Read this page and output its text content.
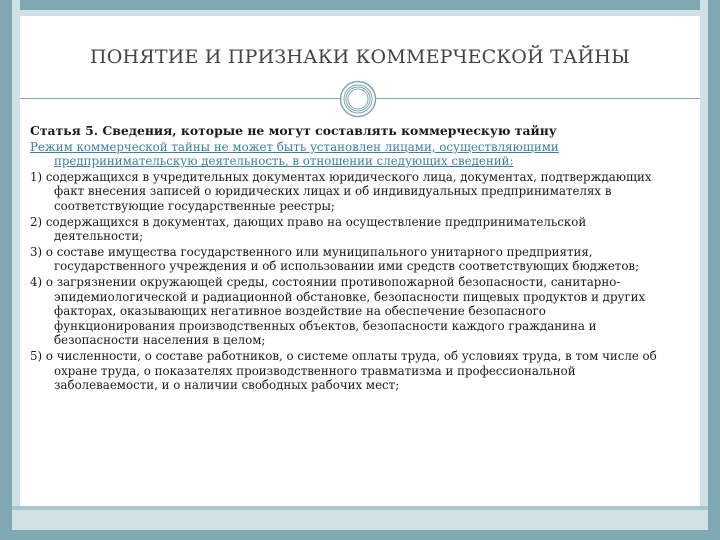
ПОНЯТИЕ И ПРИЗНАКИ КОММЕРЧЕСКОЙ ТАЙНЫ

Статья 5. Сведения, которые не могут составлять коммерческую тайну

Режим коммерческой тайны не может быть установлен лицами, осуществляющими предпринимательскую деятельность, в отношении следующих сведений:

1) содержащихся в учредительных документах юридического лица, документах, подтверждающих факт внесения записей о юридических лицах и об индивидуальных предпринимателях в соответствующие государственные реестры;

2) содержащихся в документах, дающих право на осуществление предпринимательской деятельности;

3) о составе имущества государственного или муниципального унитарного предприятия, государственного учреждения и об использовании ими средств соответствующих бюджетов;

4) о загрязнении окружающей среды, состоянии противопожарной безопасности, санитарно-эпидемиологической и радиационной обстановке, безопасности пищевых продуктов и других факторах, оказывающих негативное воздействие на обеспечение безопасного функционирования производственных объектов, безопасности каждого гражданина и безопасности населения в целом;

5) о численности, о составе работников, о системе оплаты труда, об условиях труда, в том числе об охране труда, о показателях производственного травматизма и профессиональной заболеваемости, и о наличии свободных рабочих мест;
